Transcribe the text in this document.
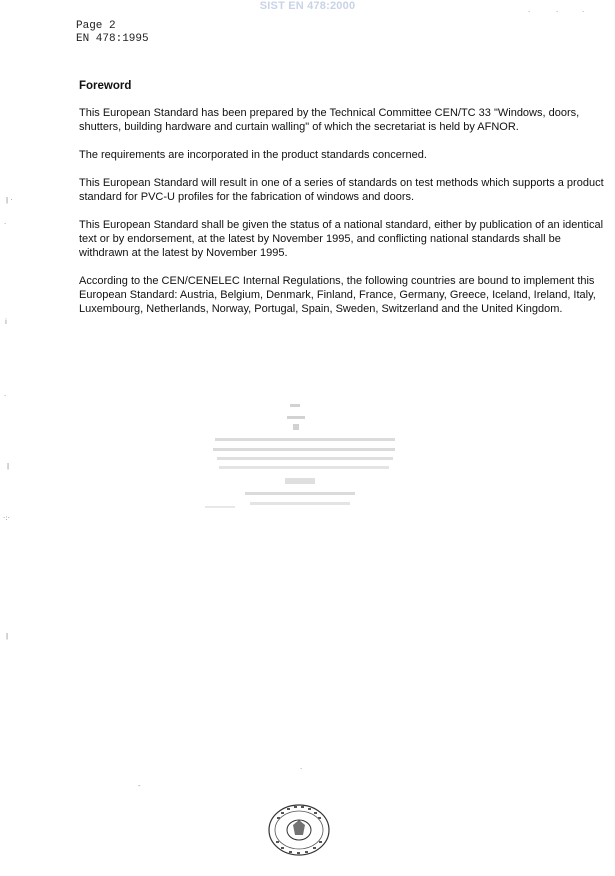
SIST EN 478:2000
Page 2
EN 478:1995
Foreword

This European Standard has been prepared by the Technical Committee CEN/TC 33 "Windows, doors, shutters, building hardware and curtain walling" of which the secretariat is held by AFNOR.

The requirements are incorporated in the product standards concerned.

This European Standard will result in one of a series of standards on test methods which supports a product standard for PVC-U profiles for the fabrication of windows and doors.

This European Standard shall be given the status of a national standard, either by publication of an identical text or by endorsement, at the latest by November 1995, and conflicting national standards shall be withdrawn at the latest by November 1995.

According to the CEN/CENELEC Internal Regulations, the following countries are bound to implement this European Standard: Austria, Belgium, Denmark, Finland, France, Germany, Greece, Iceland, Ireland, Italy, Luxembourg, Netherlands, Norway, Portugal, Spain, Sweden, Switzerland and the United Kingdom.

ǀ ·
·
ⅰ
·
ǀ
·:·
ǀ
·
-
·	·	·
